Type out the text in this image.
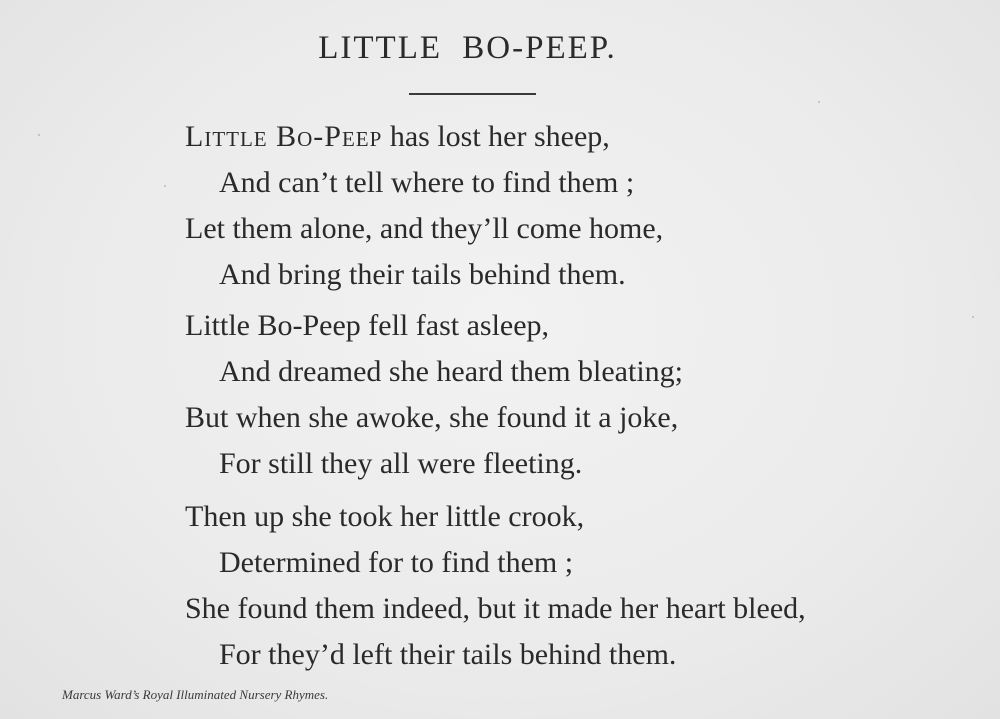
LITTLE BO-PEEP.
Little Bo-Peep has lost her sheep,
And can’t tell where to find them ;
Let them alone, and they’ll come home,
And bring their tails behind them.
Little Bo-Peep fell fast asleep,
And dreamed she heard them bleating;
But when she awoke, she found it a joke,
For still they all were fleeting.
Then up she took her little crook,
Determined for to find them ;
She found them indeed, but it made her heart bleed,
For they’d left their tails behind them.
Marcus Ward’s Royal Illuminated Nursery Rhymes.
